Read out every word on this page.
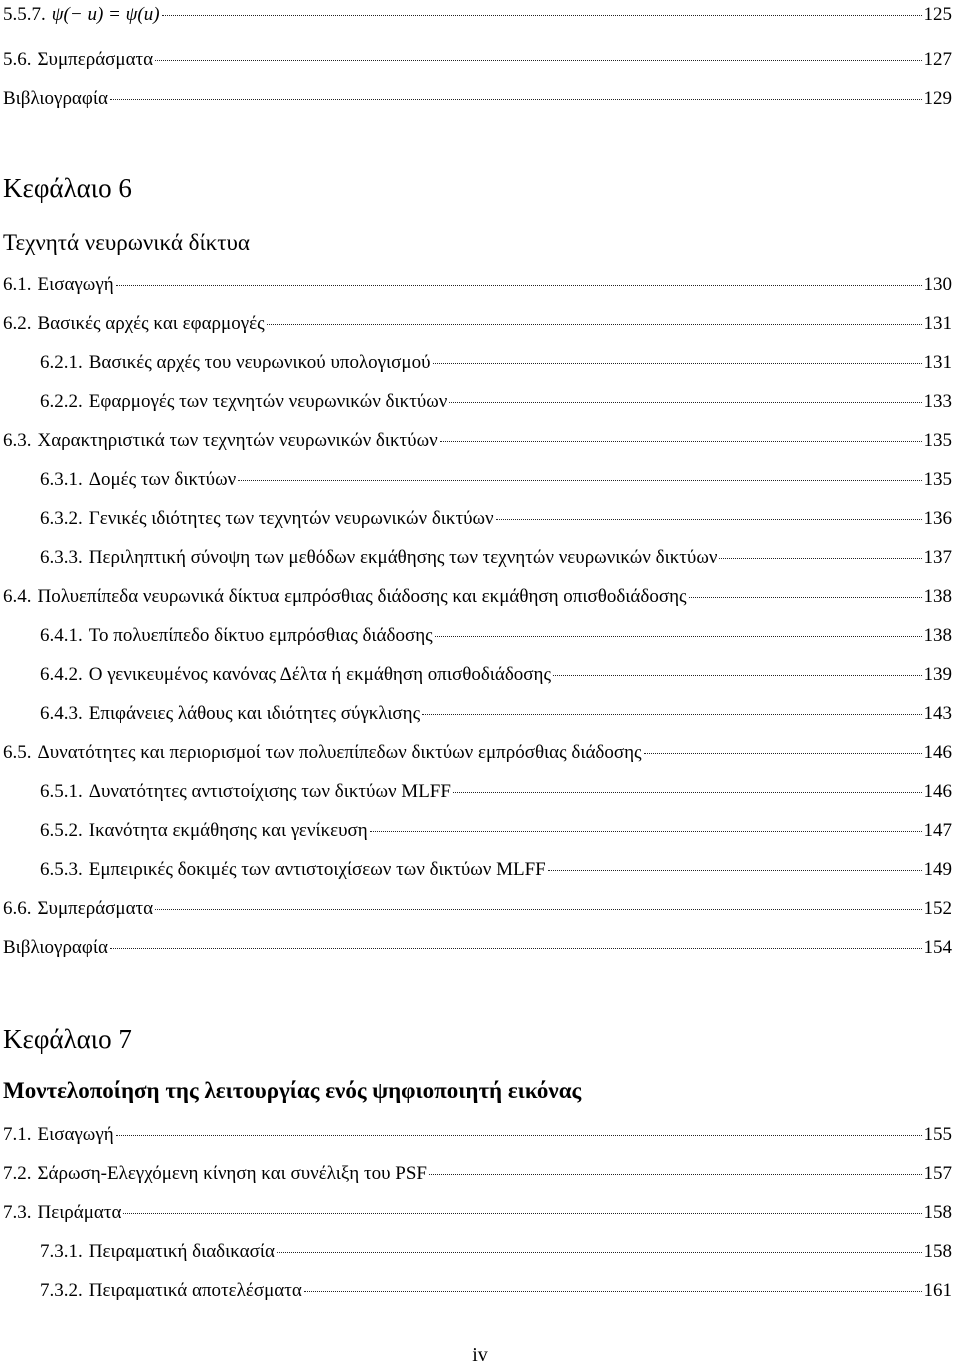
5.5.7. ψ(− u) = ψ(u)	125
5.6. Συμπεράσματα	127
Βιβλιογραφία	129
Κεφάλαιο 6
Τεχνητά νευρωνικά δίκτυα
6.1. Εισαγωγή	130
6.2. Βασικές αρχές και εφαρμογές	131
6.2.1. Βασικές αρχές του νευρωνικού υπολογισμού	131
6.2.2. Εφαρμογές των τεχνητών νευρωνικών δικτύων	133
6.3. Χαρακτηριστικά των τεχνητών νευρωνικών δικτύων	135
6.3.1. Δομές των δικτύων	135
6.3.2. Γενικές ιδιότητες των τεχνητών νευρωνικών δικτύων	136
6.3.3. Περιληπτική σύνοψη των μεθόδων εκμάθησης των τεχνητών νευρωνικών δικτύων	137
6.4. Πολυεπίπεδα νευρωνικά δίκτυα εμπρόσθιας διάδοσης και εκμάθηση οπισθοδιάδοσης	138
6.4.1. Το πολυεπίπεδο δίκτυο εμπρόσθιας διάδοσης	138
6.4.2. Ο γενικευμένος κανόνας Δέλτα ή εκμάθηση οπισθοδιάδοσης	139
6.4.3. Επιφάνειες λάθους και ιδιότητες σύγκλισης	143
6.5. Δυνατότητες και περιορισμοί των πολυεπίπεδων δικτύων εμπρόσθιας διάδοσης	146
6.5.1. Δυνατότητες αντιστοίχισης των δικτύων MLFF	146
6.5.2. Ικανότητα εκμάθησης και γενίκευση	147
6.5.3. Εμπειρικές δοκιμές των αντιστοιχίσεων των δικτύων MLFF	149
6.6. Συμπεράσματα	152
Βιβλιογραφία	154
Κεφάλαιο 7
Μοντελοποίηση της λειτουργίας ενός ψηφιοποιητή εικόνας
7.1. Εισαγωγή	155
7.2. Σάρωση-Ελεγχόμενη κίνηση και συνέλιξη του PSF	157
7.3. Πειράματα	158
7.3.1. Πειραματική διαδικασία	158
7.3.2. Πειραματικά αποτελέσματα	161
iv
